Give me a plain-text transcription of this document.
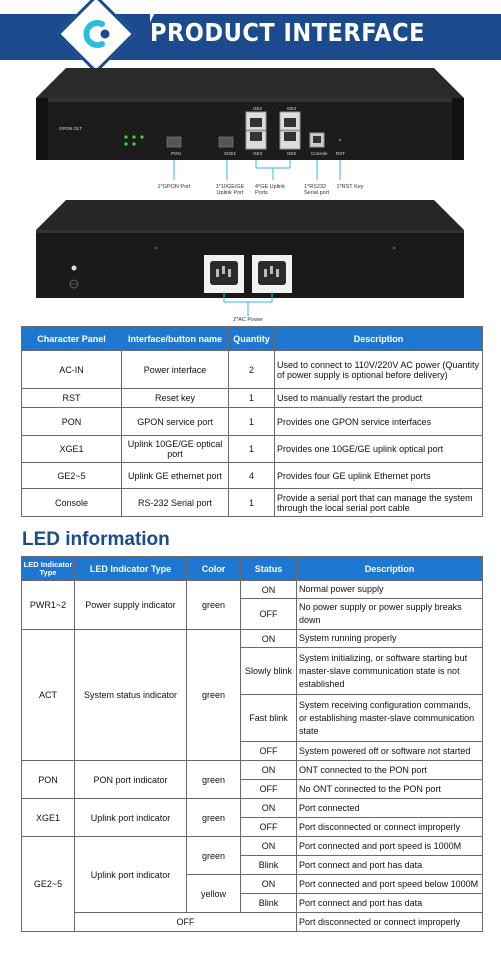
PRODUCT INTERFACE
GPON OLT
GE2	GE4
GE3	GE5
PON	XGE1	Console RST
1*GPON Port	1*10GE/GE Uplink Port
4*GE Uplink Ports
1*RS232 Serial port
1*RST Key
2*AC Power
Character Panel	Interface/button name	Quantity	Description
AC-IN	Power interface	2	Used to connect to 110V/220V AC power (Quantity of power supply is optional before delivery)
RST	Reset key	1	Used to manually restart the product
PON	GPON service port	1	Provides one GPON service interfaces
XGE1	Uplink 10GE/GE optical port	1	Provides one 10GE/GE uplink optical port
GE2~5	Uplink GE ethernet port	4	Provides four GE uplink Ethernet ports
Console	RS-232 Serial port	1	Provide a serial port that can manage the system through the local serial port cable
LED information
LED Indicator Type	LED Indicator Type	Color	Status	Description
PWR1~2	Power supply indicator	green	ON	Normal power supply
			OFF	No power supply or power supply breaks down
ACT	System status indicator	green	ON	System running properly
			Slowly blink	System initializing, or software starting but master-slave communication state is not established
			Fast blink	System receiving configuration commands, or establishing master-slave communication state
			OFF	System powered off or software not started
PON	PON port indicator	green	ON	ONT connected to the PON port
			OFF	No ONT connected to the PON port
XGE1	Uplink port indicator	green	ON	Port connected
			OFF	Port disconnected or connect improperly
GE2~5	Uplink port indicator	green	ON	Port connected and port speed is 1000M
			Blink	Port connect and port has data
		yellow	ON	Port connected and port speed below 1000M
			Blink	Port connect and port has data
	OFF			Port disconnected or connect improperly
